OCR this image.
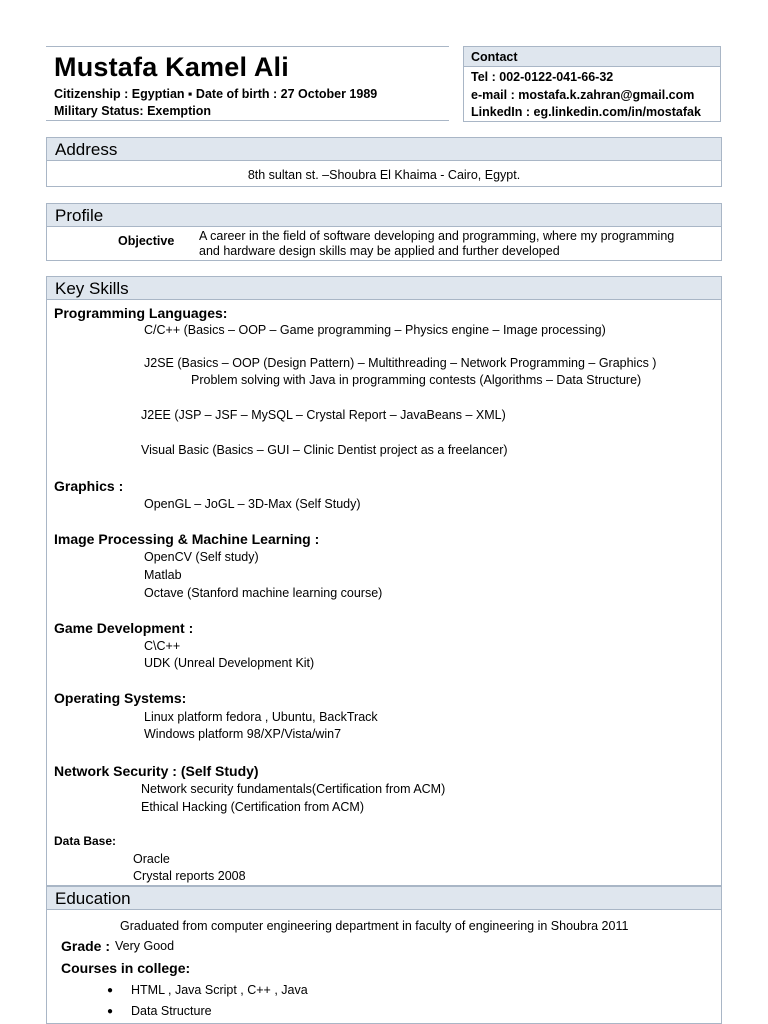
Mustafa Kamel Ali
Citizenship : Egyptian ▪ Date of birth : 27 October 1989
Military Status: Exemption
Contact
Tel : 002-0122-041-66-32
e-mail : mostafa.k.zahran@gmail.com
LinkedIn : eg.linkedin.com/in/mostafak
Address
8th sultan st. –Shoubra El Khaima - Cairo, Egypt.
Profile
Objective A career in the field of software developing and programming, where my programming
and hardware design skills may be applied and further developed
Key Skills
Programming Languages:
C/C++ (Basics – OOP – Game programming – Physics engine – Image processing)
J2SE (Basics – OOP (Design Pattern) – Multithreading – Network Programming – Graphics )
Problem solving with Java in programming contests (Algorithms – Data Structure)
J2EE (JSP – JSF – MySQL – Crystal Report – JavaBeans – XML)
Visual Basic (Basics – GUI – Clinic Dentist project as a freelancer)
Graphics :
OpenGL – JoGL – 3D-Max (Self Study)
Image Processing & Machine Learning :
OpenCV (Self study)
Matlab
Octave (Stanford machine learning course)
Game Development :
C\C++
UDK (Unreal Development Kit)
Operating Systems:
Linux platform fedora , Ubuntu, BackTrack
Windows platform 98/XP/Vista/win7
Network Security : (Self Study)
Network security fundamentals(Certification from ACM)
Ethical Hacking (Certification from ACM)
Data Base:
Oracle
Crystal reports 2008
Education
Graduated from computer engineering department in faculty of engineering in Shoubra 2011
Grade : Very Good
Courses in college:
● HTML , Java Script , C++ , Java
● Data Structure
